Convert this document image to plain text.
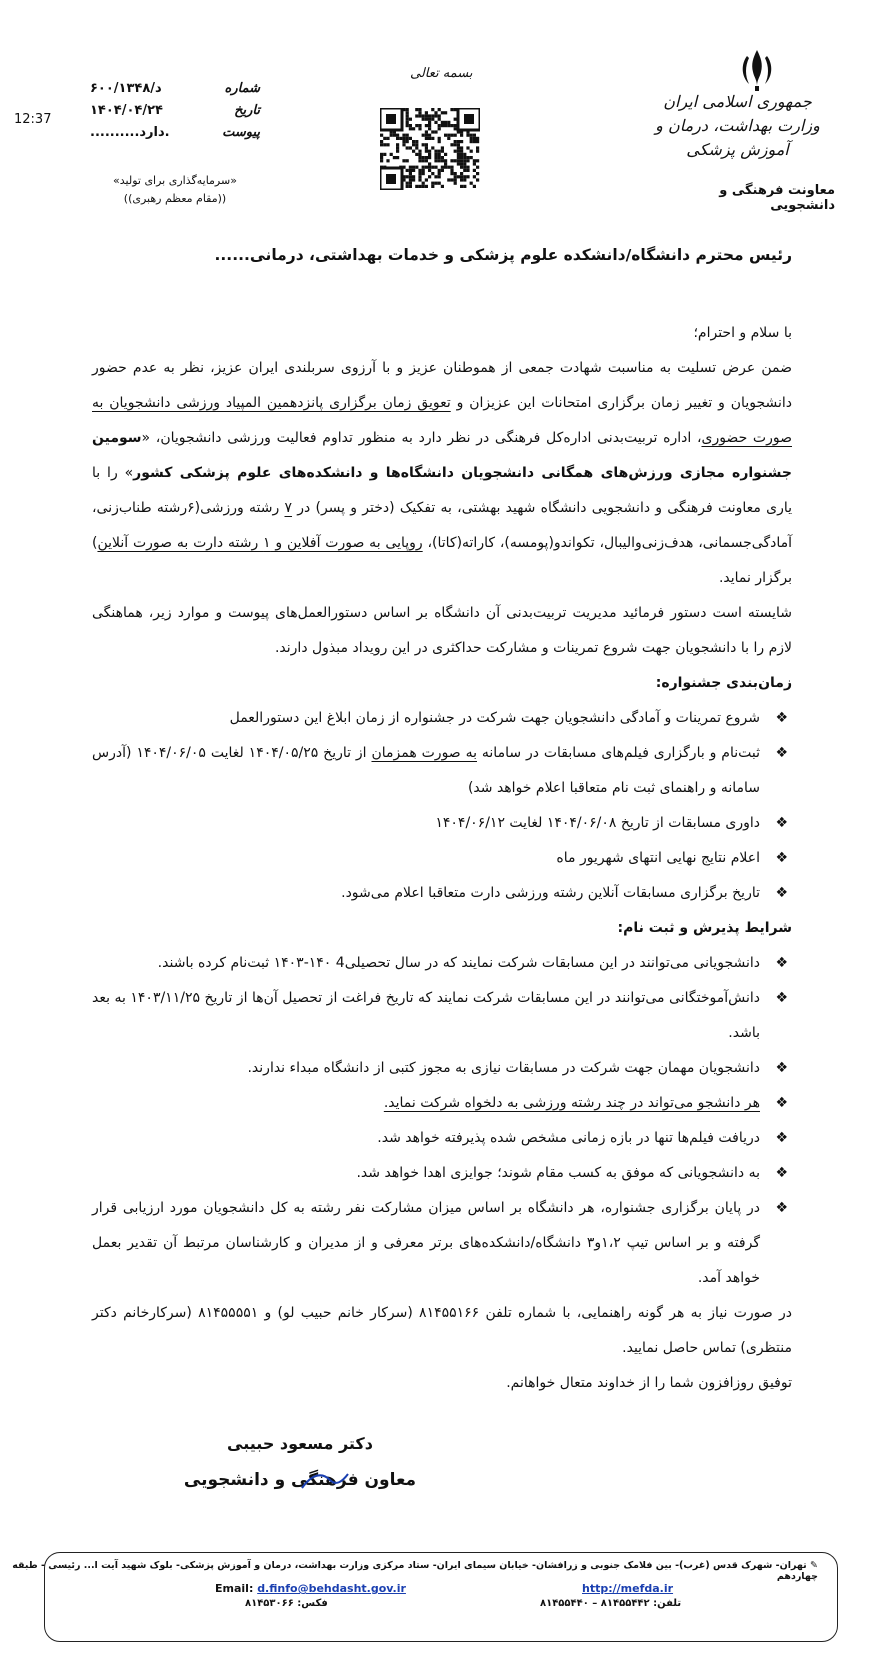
12:37
شماره
د/۶۰۰/۱۳۴۸
تاریخ
۱۴۰۴/۰۴/۲۴
پیوست
.دارد..........
«سرمایه‌گذاری برای تولید»
((مقام معظم رهبری))
بسمه تعالی
جمهوری اسلامی ایران
وزارت بهداشت، درمان و آموزش پزشکی
معاونت فرهنگی و دانشجویی
رئیس محترم دانشگاه/دانشکده علوم پزشکی و خدمات بهداشتی، درمانی......

با سلام و احترام؛

ضمن عرض تسلیت به مناسبت شهادت جمعی از هموطنان عزیز و با آرزوی سربلندی ایران عزیز، نظر به عدم حضور دانشجویان و تغییر زمان برگزاری امتحانات این عزیزان و تعویق زمان برگزاری پانزدهمین المپیاد ورزشی دانشجویان به صورت حضوری، اداره تربیت‌بدنی اداره‌کل فرهنگی در نظر دارد به منظور تداوم فعالیت ورزشی دانشجویان، «سومین جشنواره مجازی ورزش‌های همگانی دانشجویان دانشگاه‌ها و دانشکده‌های علوم پزشکی کشور» را با یاری معاونت فرهنگی و دانشجویی دانشگاه شهید بهشتی، به تفکیک (دختر و پسر) در ۷ رشته ورزشی(۶رشته طناب‌زنی، آمادگی‌جسمانی، هدف‌زنی‌والیبال، تکواندو(پومسه)، کاراته(کاتا)، روپایی به صورت آفلاین و ۱ رشته دارت به صورت آنلاین) برگزار نماید.

شایسته است دستور فرمائید مدیریت تربیت‌بدنی آن دانشگاه بر اساس دستورالعمل‌های پیوست و موارد زیر، هماهنگی لازم را با دانشجویان جهت شروع تمرینات و مشارکت حداکثری در این رویداد مبذول دارند.

زمان‌بندی جشنواره:

❖
شروع تمرینات و آمادگی دانشجویان جهت شرکت در جشنواره از زمان ابلاغ این دستورالعمل

❖
ثبت‌نام و بارگزاری فیلم‌های مسابقات در سامانه به صورت همزمان از تاریخ ۱۴۰۴/۰۵/۲۵ لغایت ۱۴۰۴/۰۶/۰۵ (آدرس سامانه و راهنمای ثبت نام متعاقبا اعلام خواهد شد)

❖
داوری مسابقات از تاریخ ۱۴۰۴/۰۶/۰۸ لغایت ۱۴۰۴/۰۶/۱۲

❖
اعلام نتایج نهایی انتهای شهریور ماه

❖
تاریخ برگزاری مسابقات آنلاین رشته ورزشی دارت متعاقبا اعلام می‌شود.

شرایط پذیرش و ثبت نام:

❖
دانشجویانی می‌توانند در این مسابقات شرکت نمایند که در سال تحصیلی4 ۱۴۰-۱۴۰۳ ثبت‌نام کرده باشند.

❖
دانش‌آموختگانی می‌توانند در این مسابقات شرکت نمایند که تاریخ فراغت از تحصیل آن‌ها از تاریخ ۱۴۰۳/۱۱/۲۵ به بعد باشد.

❖
دانشجویان مهمان جهت شرکت در مسابقات نیازی به مجوز کتبی از دانشگاه مبداء ندارند.

❖
هر دانشجو می‌تواند در چند رشته ورزشی به دلخواه شرکت نماید.

❖
دریافت فیلم‌ها تنها در بازه زمانی مشخص شده پذیرفته خواهد شد.

❖
به دانشجویانی که موفق به کسب مقام شوند؛ جوایزی اهدا خواهد شد.

❖
در پایان برگزاری جشنواره، هر دانشگاه بر اساس میزان مشارکت نفر رشته به کل دانشجویان مورد ارزیابی قرار گرفته و بر اساس تیپ ۱،۲و۳ دانشگاه/دانشکده‌های برتر معرفی و از مدیران و کارشناسان مرتبط آن تقدیر بعمل خواهد آمد.

در صورت نیاز به هر گونه راهنمایی، با شماره تلفن ۸۱۴۵۵۱۶۶ (سرکار خانم حبیب لو) و ۸۱۴۵۵۵۵۱ (سرکارخانم دکتر منتظری) تماس حاصل نمایید.

توفیق روزافزون شما را از خداوند متعال خواهانم.

دکتر مسعود حبیبی
معاون فرهنگی و دانشجویی
✎ تهران- شهرک قدس (غرب)- بین فلامک جنوبی و زرافشان- خیابان سیمای ایران- ستاد مرکزی وزارت بهداشت، درمان و آموزش پزشکی- بلوک شهید آیت ا... رئیسی - طبقه چهاردهم
Email: d.finfo@behdasht.gov.ir	http://mefda.ir
فکس: ۸۱۴۵۳۰۶۶	تلفن: ۸۱۴۵۵۴۴۲ – ۸۱۴۵۵۴۴۰
